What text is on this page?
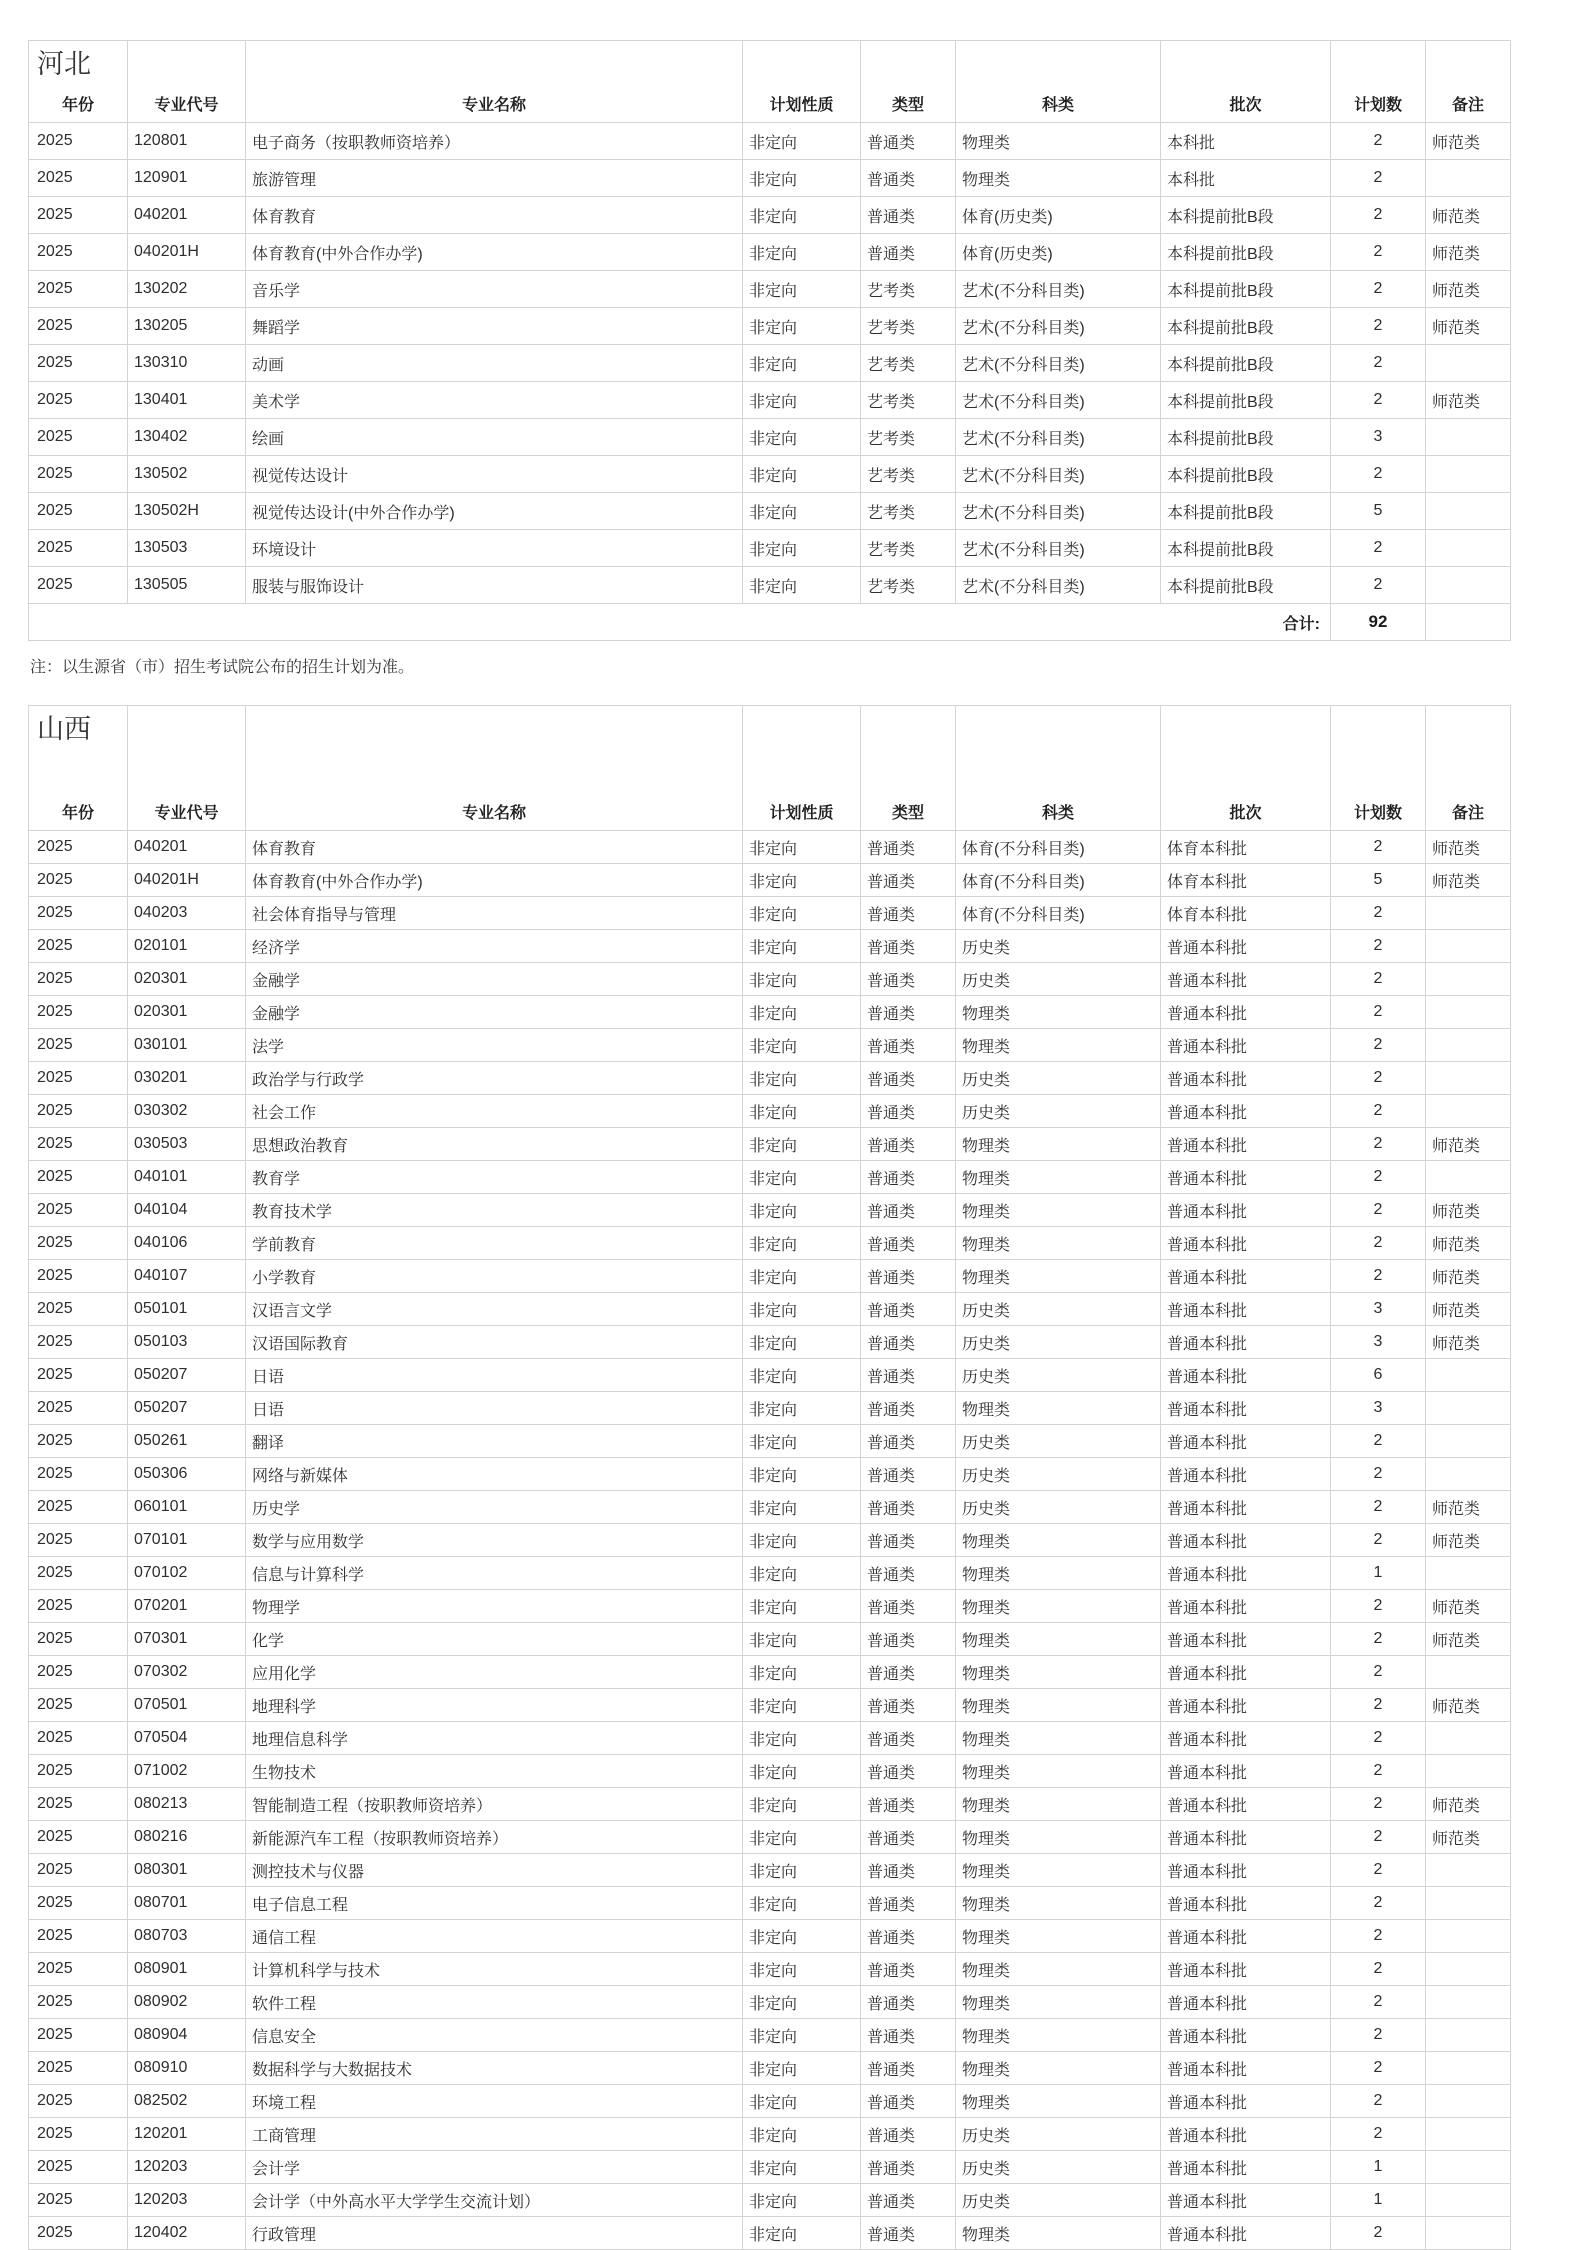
河北
年份	专业代号	专业名称	计划性质	类型	科类	批次	计划数	备注

2025	120801	电子商务（按职教师资培养）	非定向	普通类	物理类	本科批	2	师范类
2025	120901	旅游管理	非定向	普通类	物理类	本科批	2	
2025	040201	体育教育	非定向	普通类	体育(历史类)	本科提前批B段	2	师范类
2025	040201H	体育教育(中外合作办学)	非定向	普通类	体育(历史类)	本科提前批B段	2	师范类
2025	130202	音乐学	非定向	艺考类	艺术(不分科目类)	本科提前批B段	2	师范类
2025	130205	舞蹈学	非定向	艺考类	艺术(不分科目类)	本科提前批B段	2	师范类
2025	130310	动画	非定向	艺考类	艺术(不分科目类)	本科提前批B段	2	
2025	130401	美术学	非定向	艺考类	艺术(不分科目类)	本科提前批B段	2	师范类
2025	130402	绘画	非定向	艺考类	艺术(不分科目类)	本科提前批B段	3	
2025	130502	视觉传达设计	非定向	艺考类	艺术(不分科目类)	本科提前批B段	2	
2025	130502H	视觉传达设计(中外合作办学)	非定向	艺考类	艺术(不分科目类)	本科提前批B段	5	
2025	130503	环境设计	非定向	艺考类	艺术(不分科目类)	本科提前批B段	2	
2025	130505	服装与服饰设计	非定向	艺考类	艺术(不分科目类)	本科提前批B段	2	
合计:							92	
注：以生源省（市）招生考试院公布的招生计划为准。
山西
年份	专业代号	专业名称	计划性质	类型	科类	批次	计划数	备注

2025	040201	体育教育	非定向	普通类	体育(不分科目类)	体育本科批	2	师范类
2025	040201H	体育教育(中外合作办学)	非定向	普通类	体育(不分科目类)	体育本科批	5	师范类
2025	040203	社会体育指导与管理	非定向	普通类	体育(不分科目类)	体育本科批	2	
2025	020101	经济学	非定向	普通类	历史类	普通本科批	2	
2025	020301	金融学	非定向	普通类	历史类	普通本科批	2	
2025	020301	金融学	非定向	普通类	物理类	普通本科批	2	
2025	030101	法学	非定向	普通类	物理类	普通本科批	2	
2025	030201	政治学与行政学	非定向	普通类	历史类	普通本科批	2	
2025	030302	社会工作	非定向	普通类	历史类	普通本科批	2	
2025	030503	思想政治教育	非定向	普通类	物理类	普通本科批	2	师范类
2025	040101	教育学	非定向	普通类	物理类	普通本科批	2	
2025	040104	教育技术学	非定向	普通类	物理类	普通本科批	2	师范类
2025	040106	学前教育	非定向	普通类	物理类	普通本科批	2	师范类
2025	040107	小学教育	非定向	普通类	物理类	普通本科批	2	师范类
2025	050101	汉语言文学	非定向	普通类	历史类	普通本科批	3	师范类
2025	050103	汉语国际教育	非定向	普通类	历史类	普通本科批	3	师范类
2025	050207	日语	非定向	普通类	历史类	普通本科批	6	
2025	050207	日语	非定向	普通类	物理类	普通本科批	3	
2025	050261	翻译	非定向	普通类	历史类	普通本科批	2	
2025	050306	网络与新媒体	非定向	普通类	历史类	普通本科批	2	
2025	060101	历史学	非定向	普通类	历史类	普通本科批	2	师范类
2025	070101	数学与应用数学	非定向	普通类	物理类	普通本科批	2	师范类
2025	070102	信息与计算科学	非定向	普通类	物理类	普通本科批	1	
2025	070201	物理学	非定向	普通类	物理类	普通本科批	2	师范类
2025	070301	化学	非定向	普通类	物理类	普通本科批	2	师范类
2025	070302	应用化学	非定向	普通类	物理类	普通本科批	2	
2025	070501	地理科学	非定向	普通类	物理类	普通本科批	2	师范类
2025	070504	地理信息科学	非定向	普通类	物理类	普通本科批	2	
2025	071002	生物技术	非定向	普通类	物理类	普通本科批	2	
2025	080213	智能制造工程（按职教师资培养）	非定向	普通类	物理类	普通本科批	2	师范类
2025	080216	新能源汽车工程（按职教师资培养）	非定向	普通类	物理类	普通本科批	2	师范类
2025	080301	测控技术与仪器	非定向	普通类	物理类	普通本科批	2	
2025	080701	电子信息工程	非定向	普通类	物理类	普通本科批	2	
2025	080703	通信工程	非定向	普通类	物理类	普通本科批	2	
2025	080901	计算机科学与技术	非定向	普通类	物理类	普通本科批	2	
2025	080902	软件工程	非定向	普通类	物理类	普通本科批	2	
2025	080904	信息安全	非定向	普通类	物理类	普通本科批	2	
2025	080910	数据科学与大数据技术	非定向	普通类	物理类	普通本科批	2	
2025	082502	环境工程	非定向	普通类	物理类	普通本科批	2	
2025	120201	工商管理	非定向	普通类	历史类	普通本科批	2	
2025	120203	会计学	非定向	普通类	历史类	普通本科批	1	
2025	120203	会计学（中外高水平大学学生交流计划）	非定向	普通类	历史类	普通本科批	1	
2025	120402	行政管理	非定向	普通类	物理类	普通本科批	2	
